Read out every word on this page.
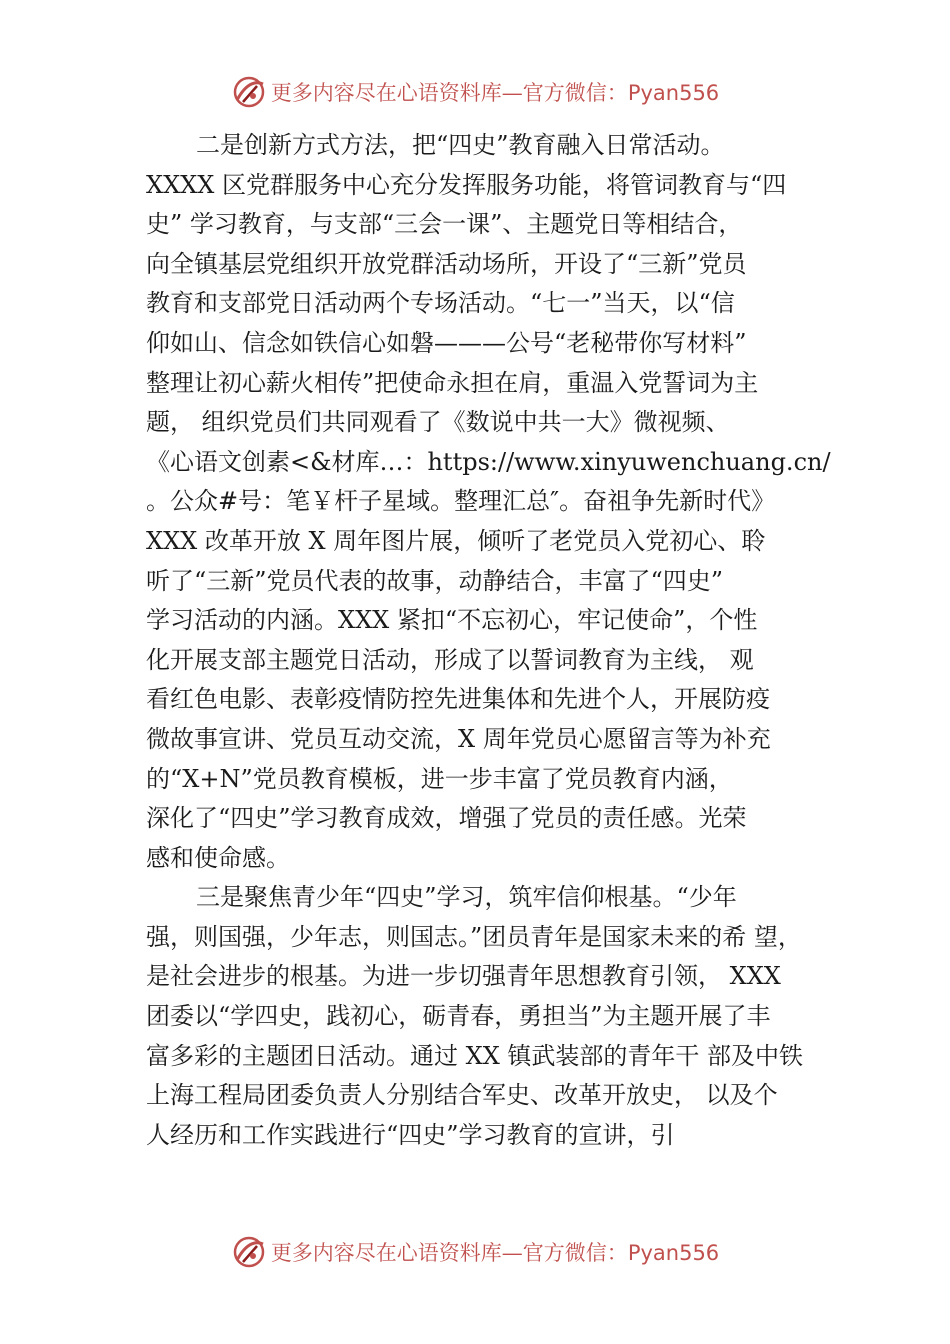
更多内容尽在心语资料库—官方微信：Pyan556
二是创新方式方法，把“四史”教育融入日常活动。
XXXX 区党群服务中心充分发挥服务功能，将管词教育与“四
史” 学习教育，与支部“三会一课”、主题党日等相结合，
向全镇基层党组织开放党群活动场所，开设了“三新”党员
教育和支部党日活动两个专场活动。“七一”当天，以“信
仰如山、信念如铁信心如磐———公号“老秘带你写材料”
整理让初心薪火相传”把使命永担在肩，重温入党誓词为主
题， 组织党员们共同观看了《数说中共一大》微视频、
《心语文创素<&材库…：https://www.xinyuwenchuang.cn/
。公众#号：笔￥杆子星域。整理汇总″。奋祖争先新时代》
XXX 改革开放 X 周年图片展，倾听了老党员入党初心、聆
听了“三新”党员代表的故事，动静结合，丰富了“四史”
学习活动的内涵。XXX 紧扣“不忘初心，牢记使命”，个性
化开展支部主题党日活动，形成了以誓词教育为主线， 观
看红色电影、表彰疫情防控先进集体和先进个人，开展防疫
微故事宣讲、党员互动交流，X 周年党员心愿留言等为补充
的“X+N”党员教育模板，进一步丰富了党员教育内涵，
深化了“四史”学习教育成效，增强了党员的责任感。光荣
感和使命感。
三是聚焦青少年“四史”学习，筑牢信仰根基。“少年
强，则国强，少年志，则国志。”团员青年是国家未来的希 望，
是社会进步的根基。为进一步切强青年思想教育引领， XXX
团委以“学四史，践初心，砺青春，勇担当”为主题开展了丰
富多彩的主题团日活动。通过 XX 镇武装部的青年干 部及中铁
上海工程局团委负责人分别结合军史、改革开放史， 以及个
人经历和工作实践进行“四史”学习教育的宣讲，引
更多内容尽在心语资料库—官方微信：Pyan556
